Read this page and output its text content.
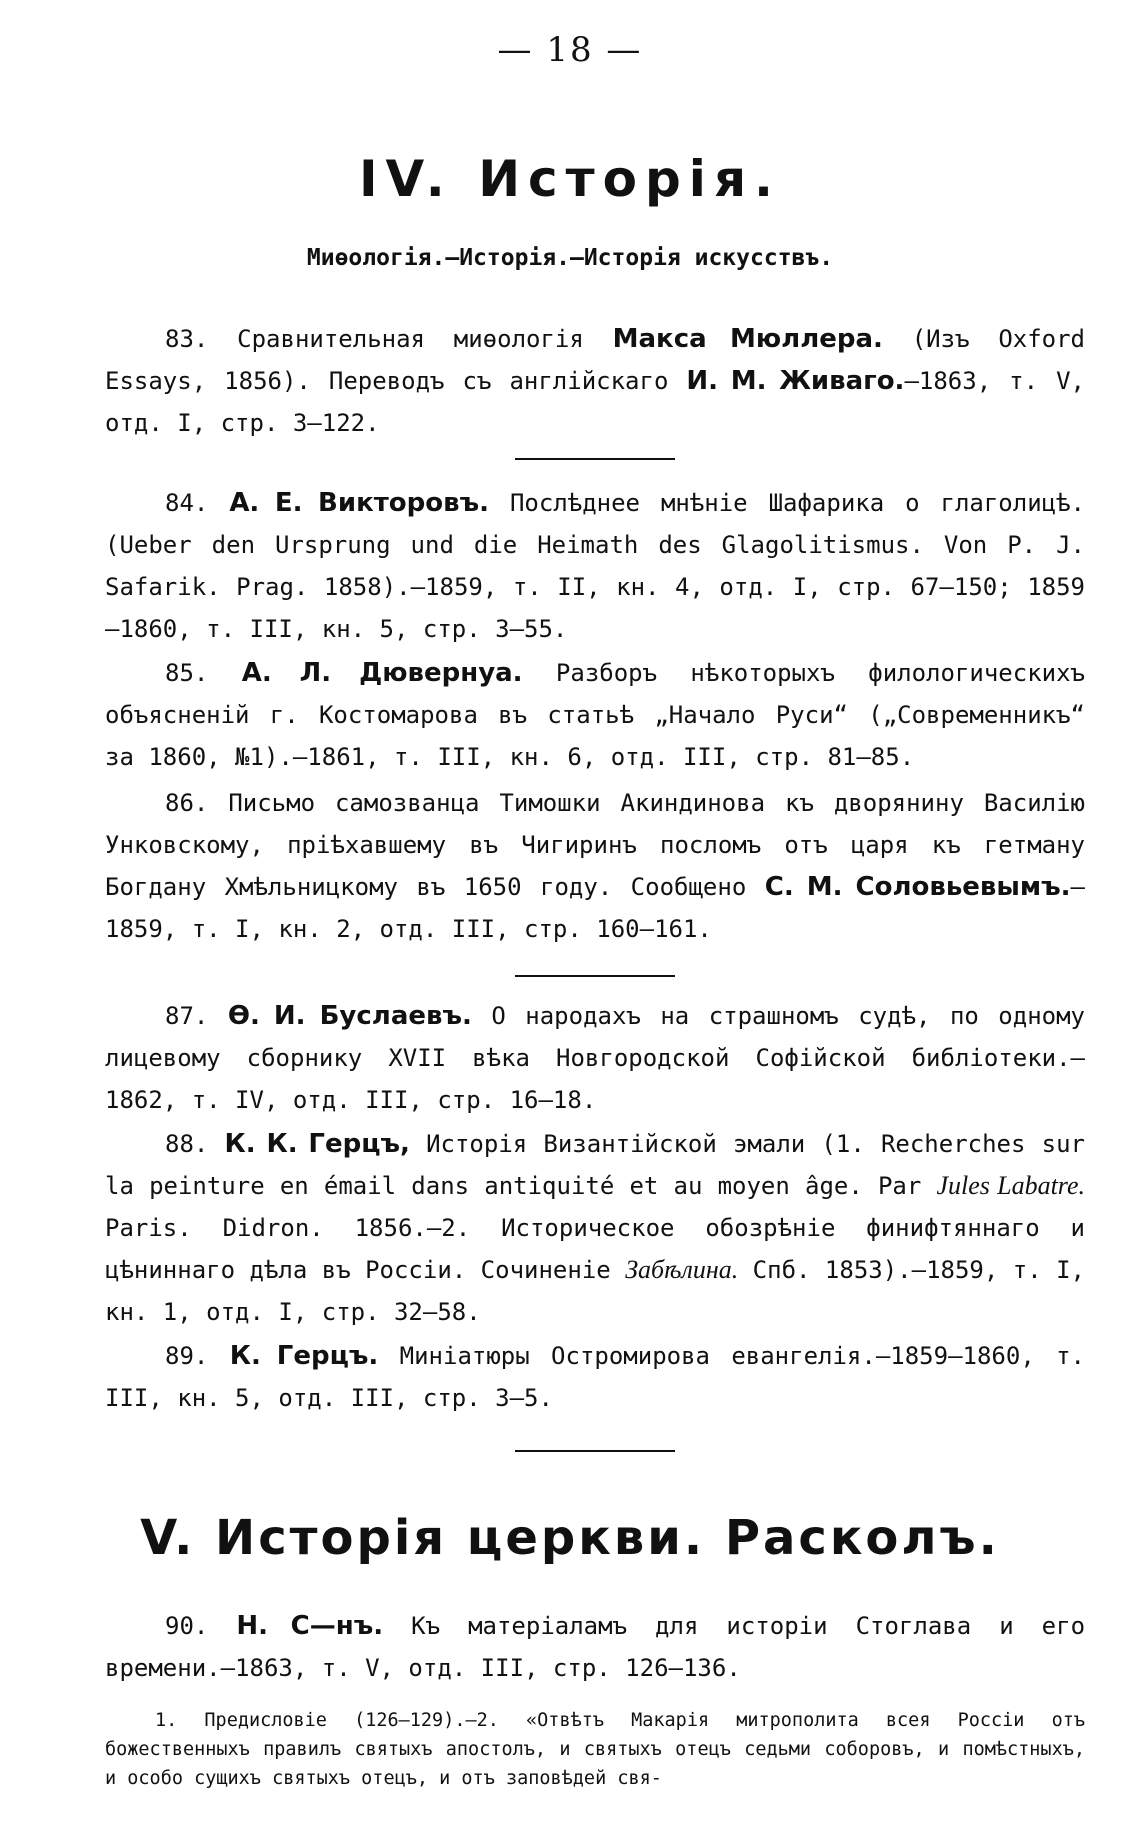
— 18 —
IV. Исторія.
Миѳологія.—Исторія.—Исторія искусствъ.

83. Сравнительная миѳологія Макса Мюллера. (Изъ Oxford Essays, 1856). Переводъ съ англійскаго И. М. Живаго.—1863, т. V, отд. I, стр. 3—122.

84. А. Е. Викторовъ. Послѣднее мнѣніе Шафарика о глаголицѣ. (Ueber den Ursprung und die Heimath des Glagolitismus. Von P. J. Safarik. Prag. 1858).—1859, т. II, кн. 4, отд. I, стр. 67—150; 1859—1860, т. III, кн. 5, стр. 3—55.

85. А. Л. Дювернуа. Разборъ нѣкоторыхъ филологическихъ объясненій г. Костомарова въ статьѣ „Начало Руси“ („Современникъ“ за 1860, №1).—1861, т. III, кн. 6, отд. III, стр. 81—85.

86. Письмо самозванца Тимошки Акиндинова къ дворянину Василію Унковскому, пріѣхавшему въ Чигиринъ посломъ отъ царя къ гетману Богдану Хмѣльницкому въ 1650 году. Сообщено С. М. Соловьевымъ.—1859, т. I, кн. 2, отд. III, стр. 160—161.

87. Ѳ. И. Буслаевъ. О народахъ на страшномъ судѣ, по одному лицевому сборнику XVII вѣка Новгородской Софійской библіотеки.—1862, т. IV, отд. III, стр. 16—18.

88. К. К. Герцъ, Исторія Византійской эмали (1. Recherches sur la peinture en émail dans antiquité et au moyen âge. Par Jules Labatre. Paris. Didron. 1856.—2. Историческое обозрѣніе финифтяннаго и цѣниннаго дѣла въ Россіи. Сочиненіе Забѣлина. Спб. 1853).—1859, т. I, кн. 1, отд. I, стр. 32—58.

89. К. Герцъ. Миніатюры Остромирова евангелія.—1859—1860, т. III, кн. 5, отд. III, стр. 3—5.

V. Исторія церкви. Расколъ.

90. Н. С—нъ. Къ матеріаламъ для исторіи Стоглава и его времени.—1863, т. V, отд. III, стр. 126—136.

1. Предисловіе (126—129).—2. «Отвѣтъ Макарія митрополита всея Россіи отъ божественныхъ правилъ святыхъ апостолъ, и святыхъ отецъ седьми соборовъ, и помѣстныхъ, и особо сущихъ святыхъ отецъ, и отъ заповѣдей свя-
